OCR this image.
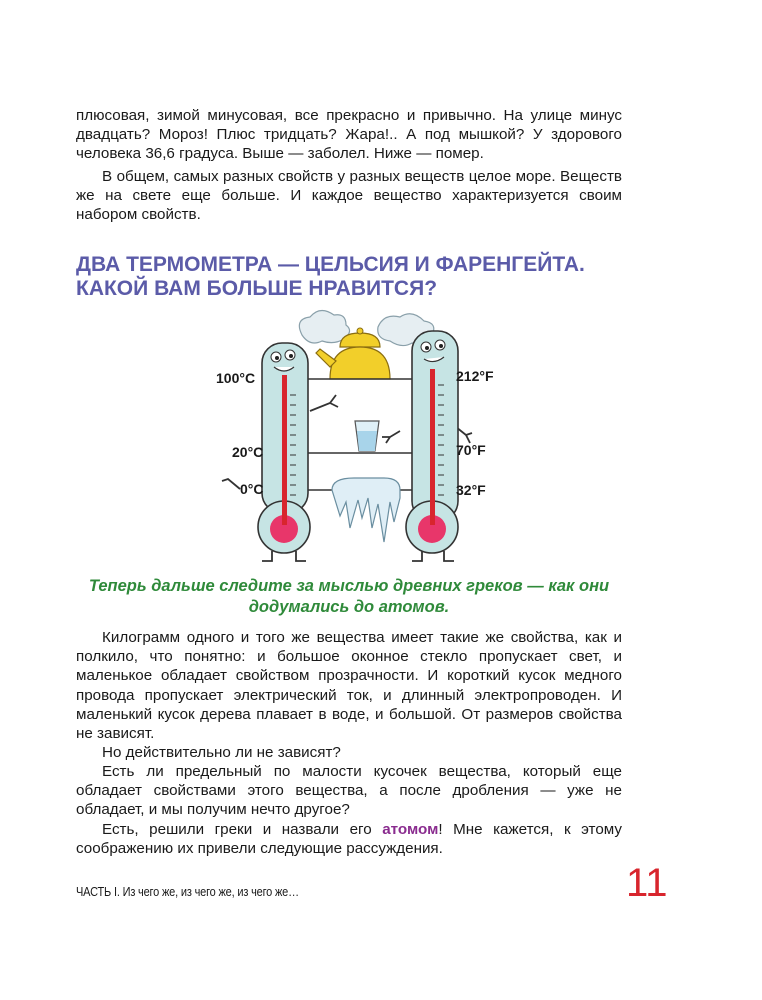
плюсовая, зимой минусовая, все прекрасно и привычно. На улице минус двадцать? Мороз! Плюс тридцать? Жара!.. А под мышкой? У здорового человека 36,6 градуса. Выше — заболел. Ниже — помер.

В общем, самых разных свойств у разных веществ целое море. Веществ же на свете еще больше. И каждое вещество характеризуется своим набором свойств.

ДВА ТЕРМОМЕТРА — ЦЕЛЬСИЯ И ФАРЕНГЕЙТА.
КАКОЙ ВАМ БОЛЬШЕ НРАВИТСЯ?
100°C
20°C
0°C
212°F
70°F
32°F
Теперь дальше следите за мыслью древних греков — как они
додумались до атомов.

Килограмм одного и того же вещества имеет такие же свойства, как и полкило, что понятно: и большое оконное стекло пропускает свет, и маленькое обладает свойством прозрачности. И короткий кусок медного провода пропускает электрический ток, и длинный электропроводен. И маленький кусок дерева плавает в воде, и большой. От размеров свойства не зависят.

Но действительно ли не зависят?

Есть ли предельный по малости кусочек вещества, который еще обладает свойствами этого вещества, а после дробления — уже не обладает, и мы получим нечто другое?

Есть, решили греки и назвали его атомом! Мне кажется, к этому соображению их привели следующие рассуждения.

ЧАСТЬ I. Из чего же, из чего же, из чего же…	11
